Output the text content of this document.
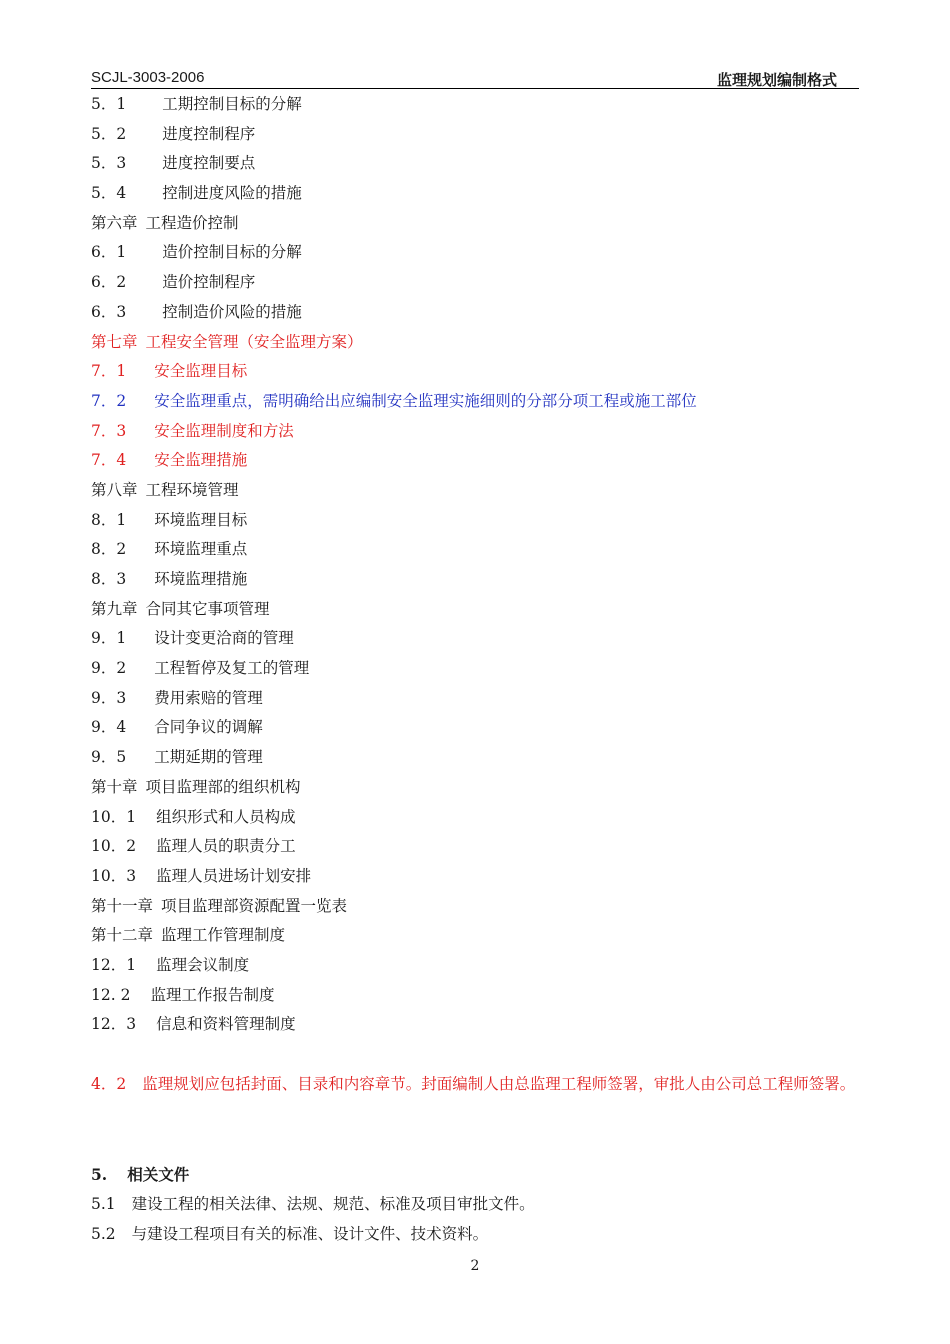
SCJL-3003-2006	监理规划编制格式
5．1 工期控制目标的分解
5．2 进度控制程序
5．3 进度控制要点
5．4 控制进度风险的措施
第六章 工程造价控制
6．1 造价控制目标的分解
6．2 造价控制程序
6．3 控制造价风险的措施
第七章 工程安全管理（安全监理方案）
7．1 安全监理目标
7．2 安全监理重点，需明确给出应编制安全监理实施细则的分部分项工程或施工部位
7．3 安全监理制度和方法
7．4 安全监理措施
第八章 工程环境管理
8．1 环境监理目标
8．2 环境监理重点
8．3 环境监理措施
第九章 合同其它事项管理
9．1 设计变更洽商的管理
9．2 工程暂停及复工的管理
9．3 费用索赔的管理
9．4 合同争议的调解
9．5 工期延期的管理
第十章 项目监理部的组织机构
10．1 组织形式和人员构成
10．2 监理人员的职责分工
10．3 监理人员进场计划安排
第十一章 项目监理部资源配置一览表
第十二章 监理工作管理制度
12．1 监理会议制度
12. 2 监理工作报告制度
12．3 信息和资料管理制度
4．2 监理规划应包括封面、目录和内容章节。封面编制人由总监理工程师签署，审批人由公司总工程师签署。
5. 相关文件
5.1 建设工程的相关法律、法规、规范、标准及项目审批文件。
5.2 与建设工程项目有关的标准、设计文件、技术资料。
2
